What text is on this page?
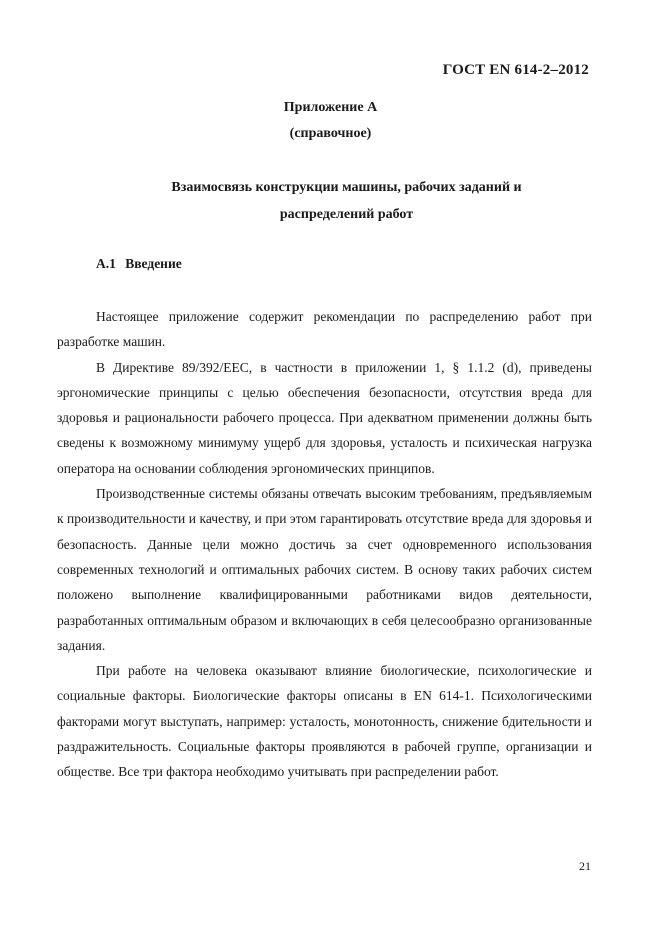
ГОСТ EN 614-2–2012
Приложение А
(справочное)
Взаимосвязь конструкции машины, рабочих заданий и
распределений работ
А.1 Введение

Настоящее приложение содержит рекомендации по распределению работ при разработке машин.

В Директиве 89/392/ЕЕС, в частности в приложении 1, § 1.1.2 (d), приведены эргономические принципы с целью обеспечения безопасности, отсутствия вреда для здоровья и рациональности рабочего процесса. При адекватном применении должны быть сведены к возможному минимуму ущерб для здоровья, усталость и психическая нагрузка оператора на основании соблюдения эргономических принципов.

Производственные системы обязаны отвечать высоким требованиям, предъявляемым к производительности и качеству, и при этом гарантировать отсутствие вреда для здоровья и безопасность. Данные цели можно достичь за счет одновременного использования современных технологий и оптимальных рабочих систем. В основу таких рабочих систем положено выполнение квалифицированными работниками видов деятельности, разработанных оптимальным образом и включающих в себя целесообразно организованные задания.

При работе на человека оказывают влияние биологические, психологические и социальные факторы. Биологические факторы описаны в EN 614-1. Психологическими факторами могут выступать, например: усталость, монотонность, снижение бдительности и раздражительность. Социальные факторы проявляются в рабочей группе, организации и обществе. Все три фактора необходимо учитывать при распределении работ.

21
